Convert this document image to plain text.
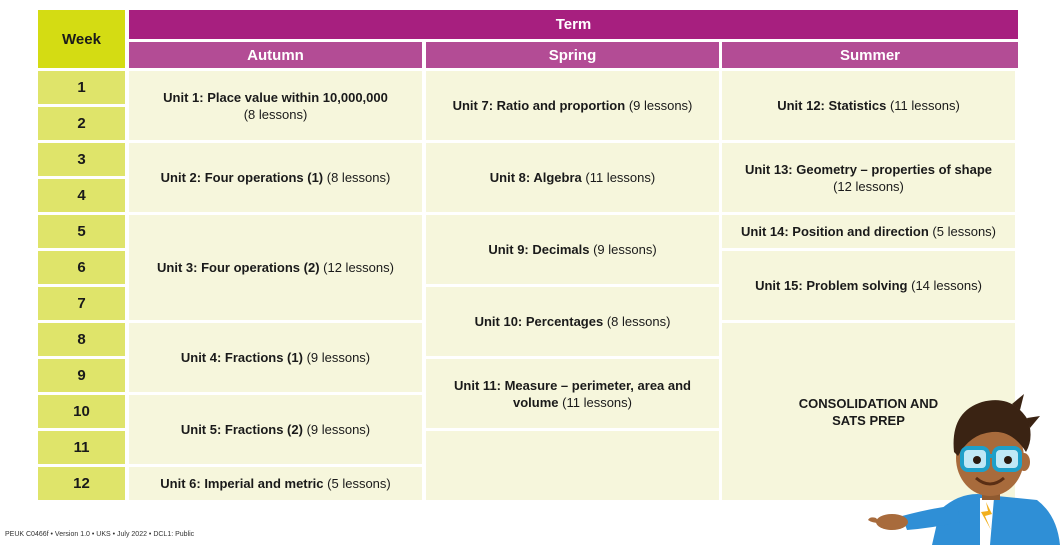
Week
Term
Autumn	Spring	Summer
1
2
3
4
5
6
7
8
9
10
11
12
Unit 1: Place value within 10,000,000
(8 lessons)
Unit 2: Four operations (1) (8 lessons)
Unit 3: Four operations (2) (12 lessons)
Unit 4: Fractions (1) (9 lessons)
Unit 5: Fractions (2) (9 lessons)
Unit 6: Imperial and metric (5 lessons)
Unit 7: Ratio and proportion (9 lessons)
Unit 8: Algebra (11 lessons)
Unit 9: Decimals (9 lessons)
Unit 10: Percentages (8 lessons)
Unit 11: Measure – perimeter, area and volume (11 lessons)
Unit 12: Statistics (11 lessons)
Unit 13: Geometry – properties of shape
(12 lessons)
Unit 14: Position and direction (5 lessons)
Unit 15: Problem solving (14 lessons)
CONSOLIDATION AND SATS PREP
PEUK C0466f • Version 1.0 • UKS • July 2022 • DCL1: Public
